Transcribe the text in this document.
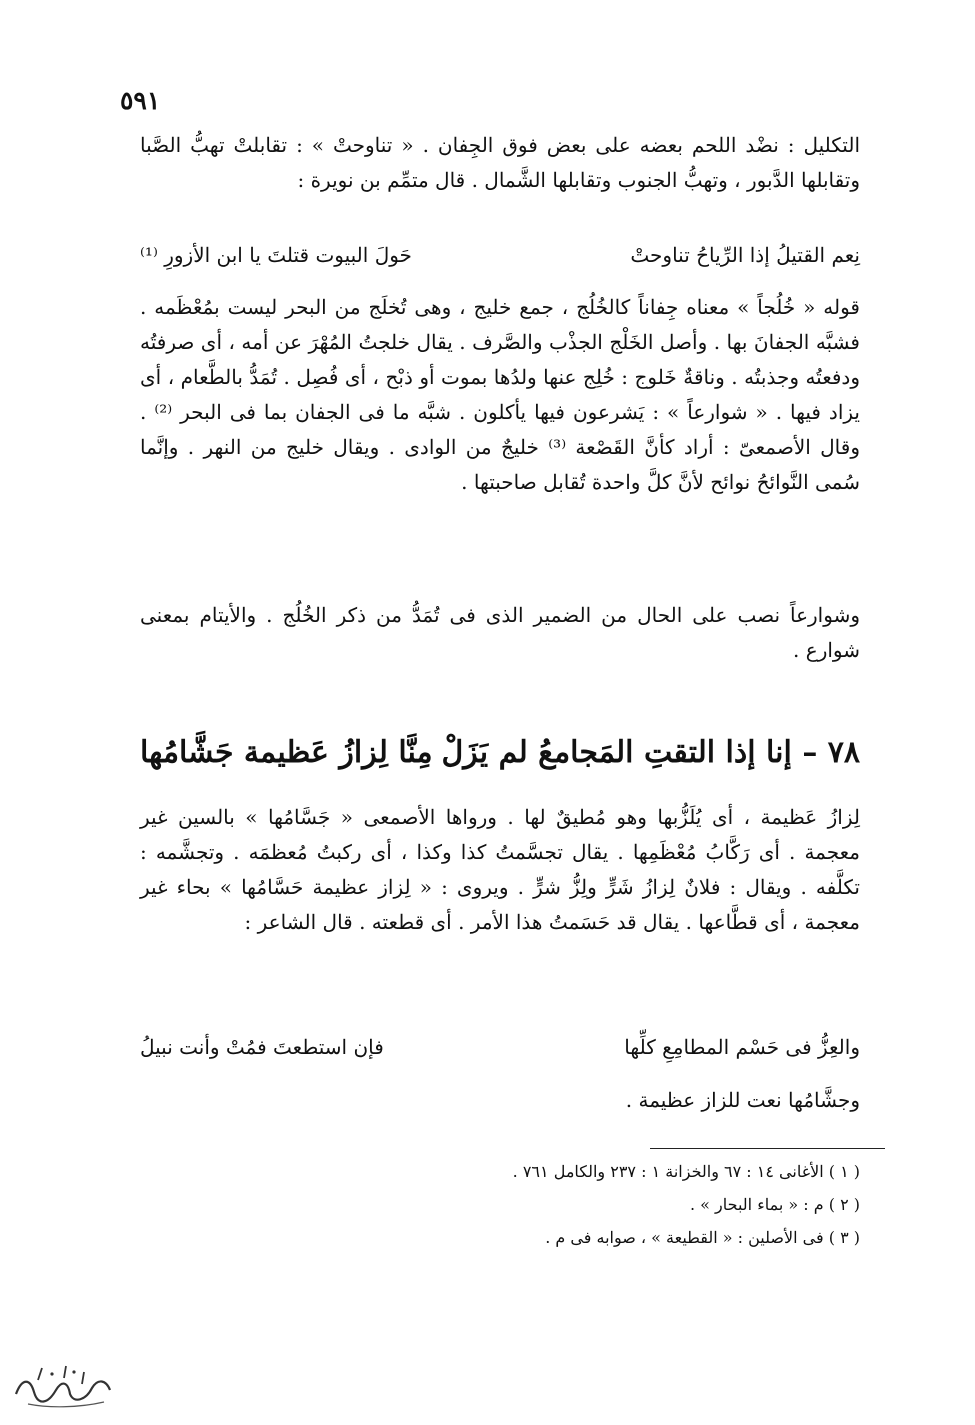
٥٩١

التكليل : نضْد اللحم بعضه على بعض فوق الجِفان . « تناوحتْ » : تقابلتْ تهبُّ الصَّبا وتقابلها الدَّبور ، وتهبُّ الجنوب وتقابلها الشَّمال . قال متمِّم بن نويرة :

نِعم القتيلُ إذا الرِّياحُ تناوحتْ
حَولَ البيوت قتلتَ يا ابن الأزورِ ⁽¹⁾

قوله « خُلُجاً » معناه جِفاناً كالخُلُج ، جمع خليج ، وهى تُخلَج من البحر ليست بمُعْظَمه . فشبَّه الجفانَ بها . وأصل الخَلْج الجذْب والصَّرف . يقال خلجتُ المُهْرَ عن أمه ، أى صرفتُه ودفعتُه وجذبتُه . وناقةٌ خَلوج : خُلِج عنها ولدُها بموت أو ذبْح ، أى فُصِل . تُمَدُّ بالطَّعام ، أى يزاد فيها . « شوارعاً » : يَشرعون فيها يأكلون . شبَّه ما فى الجفان بما فى البحر ⁽²⁾ . وقال الأصمعىّ : أراد كأنَّ القَصْعة ⁽³⁾ خليجٌ من الوادى . ويقال خليج من النهر . وإنَّما سُمى النَّوائحُ نوائح لأنَّ كلَّ واحدة تُقابل صاحبتها .

وشوارعاً نصب على الحال من الضمير الذى فى تُمَدُّ من ذكر الخُلُج . والأيتام بمعنى شوارع .

٧٨ – إنا إذا التقتِ المَجامعُ لم يَزَلْ
مِنَّا لِزازُ عَظيمة جَشَّامُها

لِزازُ عَظيمة ، أى يُلَزُّبها وهو مُطيقٌ لها . ورواها الأصمعى « جَسَّامُها » بالسين غير معجمة . أى رَكَّابُ مُعْظَمِها . يقال تجسَّمتُ كذا وكذا ، أى ركبتُ مُعظمَه . وتجشَّمه : تكلَّفه . ويقال : فلانٌ لِزازُ شَرٍّ ولِزُّ شرٍّ . ويروى : « لِزاز عظيمة حَسَّامُها » بحاء غير معجمة ، أى قطَّاعها . يقال قد حَسَمتُ هذا الأمر . أى قطعته . قال الشاعر :

والعِزُّ فى حَسْم المطامِعِ كلِّها
فإن استطعتَ فمُتْ وأنت نبيلُ
وجشَّامُها نعت للزاز عظيمة .
( ١ ) الأغانى ١٤ : ٦٧ والخزانة ١ : ٢٣٧ والكامل ٧٦١ .
( ٢ ) م : « بماء البحار » .
( ٣ ) فى الأصلين : « القطيعة » ، صوابه فى م .
